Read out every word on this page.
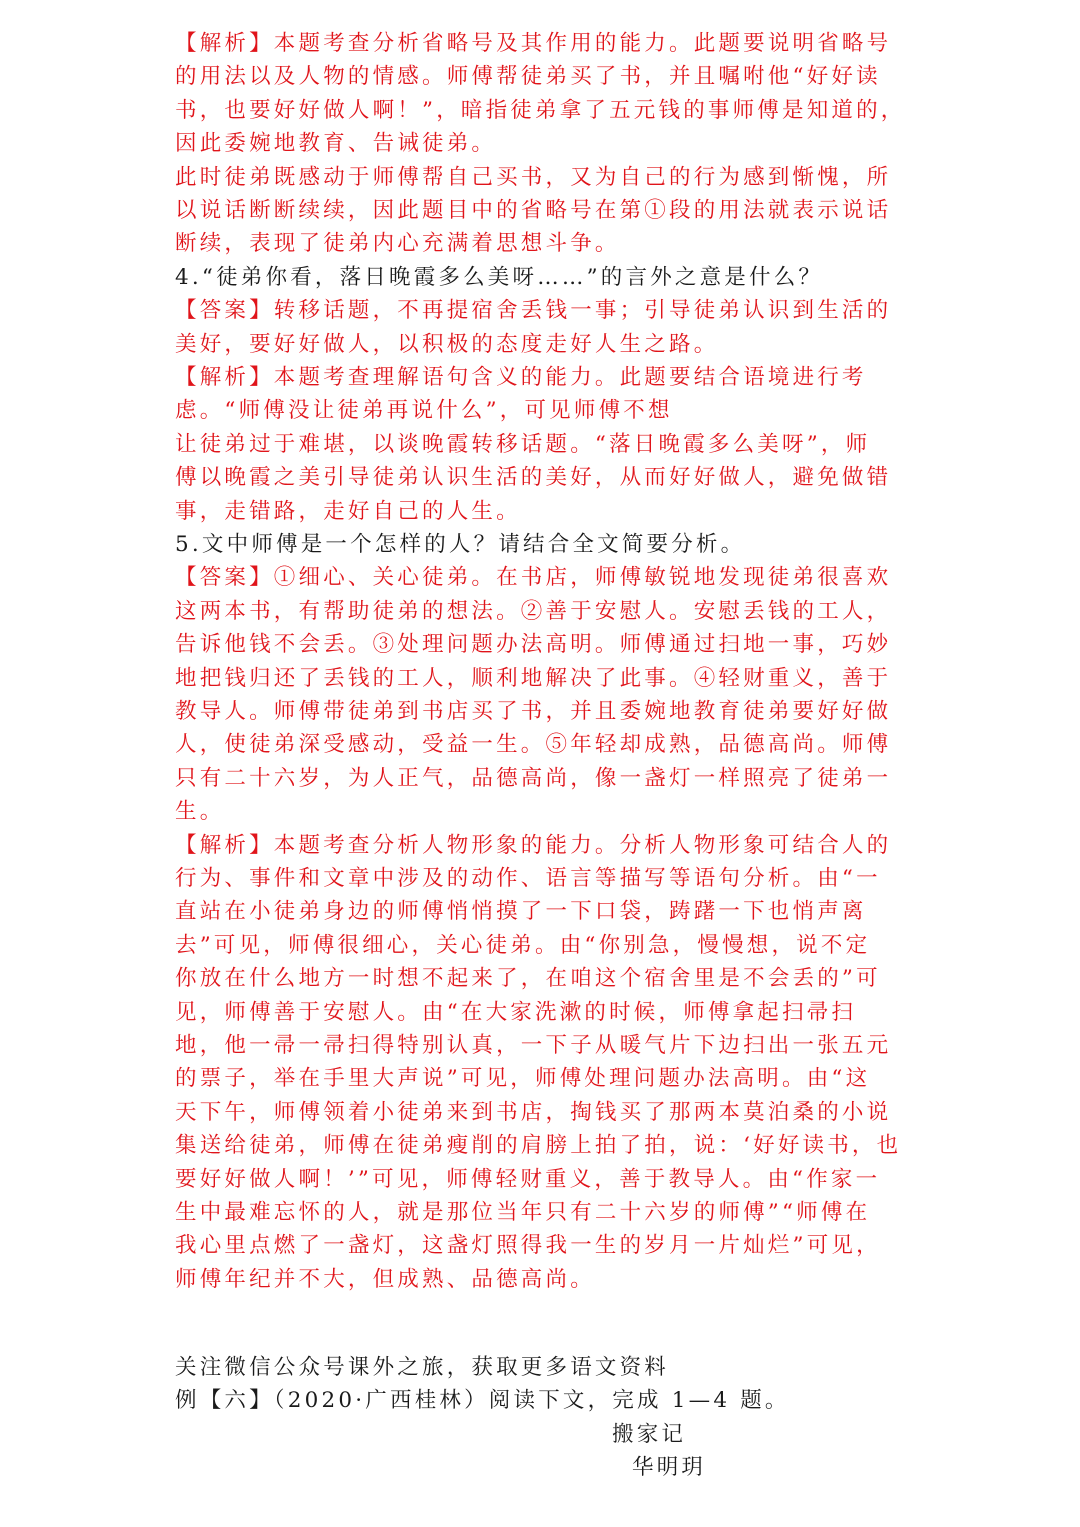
【解析】本题考查分析省略号及其作用的能力。此题要说明省略号
的用法以及人物的情感。师傅帮徒弟买了书，并且嘱咐他“好好读
书，也要好好做人啊！”，暗指徒弟拿了五元钱的事师傅是知道的，
因此委婉地教育、告诫徒弟。
此时徒弟既感动于师傅帮自己买书，又为自己的行为感到惭愧，所
以说话断断续续，因此题目中的省略号在第①段的用法就表示说话
断续，表现了徒弟内心充满着思想斗争。
4.“徒弟你看，落日晚霞多么美呀……”的言外之意是什么？
【答案】转移话题，不再提宿舍丢钱一事；引导徒弟认识到生活的
美好，要好好做人，以积极的态度走好人生之路。
【解析】本题考查理解语句含义的能力。此题要结合语境进行考
虑。“师傅没让徒弟再说什么”，可见师傅不想
让徒弟过于难堪，以谈晚霞转移话题。“落日晚霞多么美呀”，师
傅以晚霞之美引导徒弟认识生活的美好，从而好好做人，避免做错
事，走错路，走好自己的人生。
5.文中师傅是一个怎样的人？请结合全文简要分析。
【答案】①细心、关心徒弟。在书店，师傅敏锐地发现徒弟很喜欢
这两本书，有帮助徒弟的想法。②善于安慰人。安慰丢钱的工人，
告诉他钱不会丢。③处理问题办法高明。师傅通过扫地一事，巧妙
地把钱归还了丢钱的工人，顺利地解决了此事。④轻财重义，善于
教导人。师傅带徒弟到书店买了书，并且委婉地教育徒弟要好好做
人，使徒弟深受感动，受益一生。⑤年轻却成熟，品德高尚。师傅
只有二十六岁，为人正气，品德高尚，像一盏灯一样照亮了徒弟一
生。
【解析】本题考查分析人物形象的能力。分析人物形象可结合人的
行为、事件和文章中涉及的动作、语言等描写等语句分析。由“一
直站在小徒弟身边的师傅悄悄摸了一下口袋，踌躇一下也悄声离
去”可见，师傅很细心，关心徒弟。由“你别急，慢慢想，说不定
你放在什么地方一时想不起来了，在咱这个宿舍里是不会丢的”可
见，师傅善于安慰人。由“在大家洗漱的时候，师傅拿起扫帚扫
地，他一帚一帚扫得特别认真，一下子从暖气片下边扫出一张五元
的票子，举在手里大声说”可见，师傅处理问题办法高明。由“这
天下午，师傅领着小徒弟来到书店，掏钱买了那两本莫泊桑的小说
集送给徒弟，师傅在徒弟瘦削的肩膀上拍了拍，说：‘好好读书，也
要好好做人啊！’”可见，师傅轻财重义，善于教导人。由“作家一
生中最难忘怀的人，就是那位当年只有二十六岁的师傅”“师傅在
我心里点燃了一盏灯，这盏灯照得我一生的岁月一片灿烂”可见，
师傅年纪并不大，但成熟、品德高尚。
关注微信公众号课外之旅，获取更多语文资料
例【六】（2020·广西桂林）阅读下文，完成 1—4 题。
搬家记
华明玥
